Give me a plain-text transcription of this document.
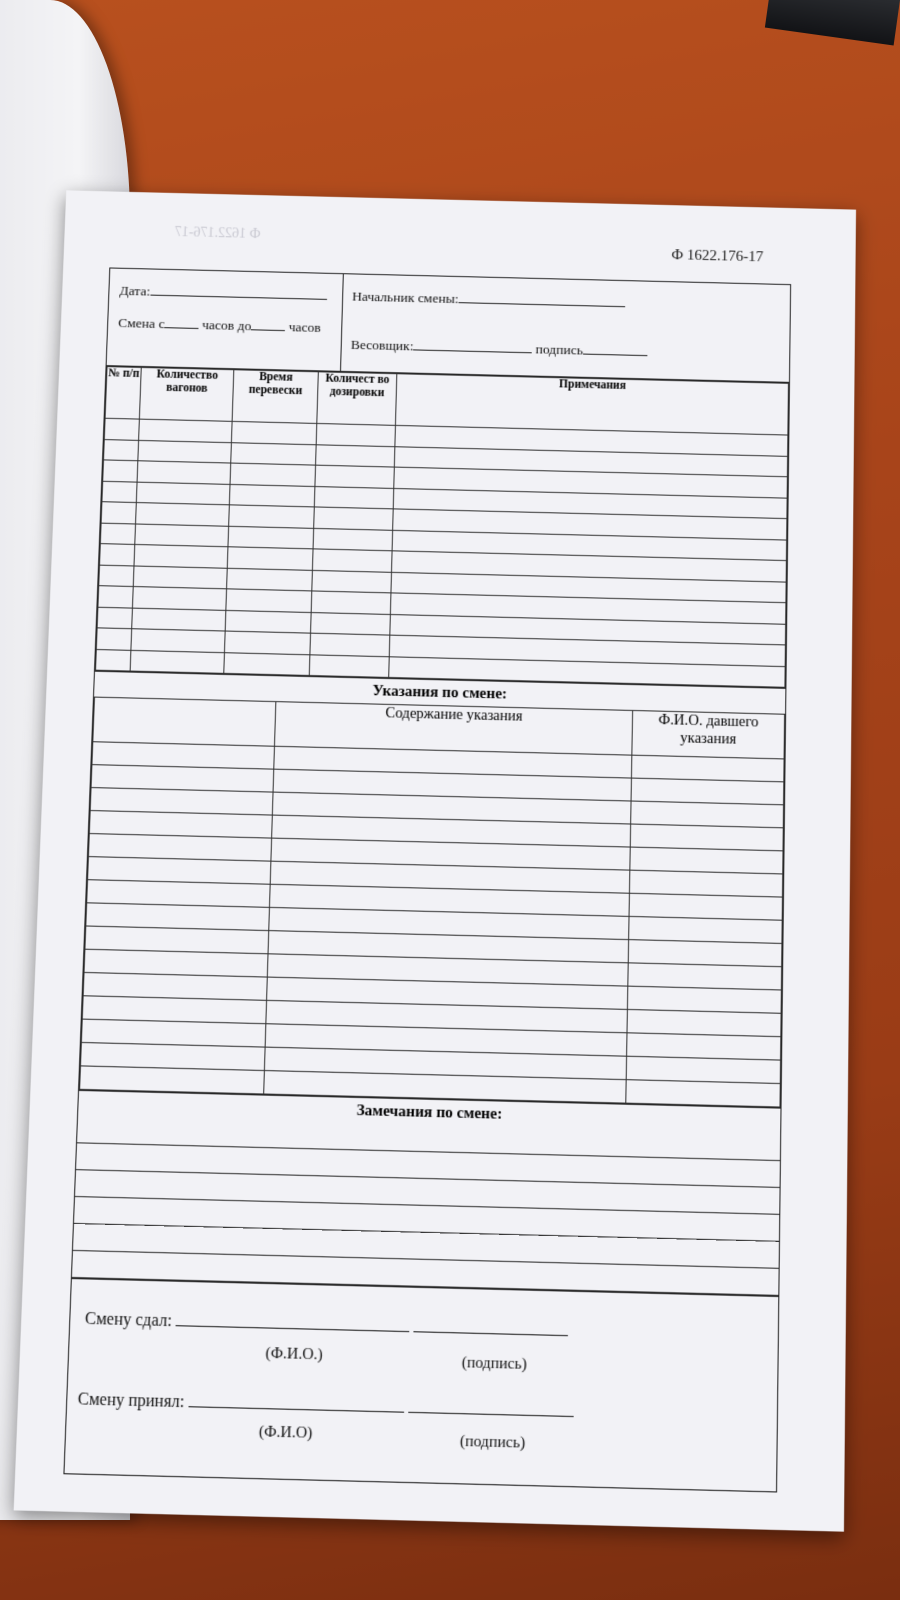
Ф 1622.176-17
Ф 1622.176-17
Дата:
Смена с	часов до	часов
Начальник смены:
Весовщик:	подпись
№ п/п	Количество вагонов	Время перевески	Количест во дозировки	Примечания

Указания по смене:
	Содержание указания	Ф.И.О. давшего указания

Замечания по смене:
Смену сдал:
(Ф.И.О.)	(подпись)
Смену принял:
(Ф.И.О)
(подпись)
